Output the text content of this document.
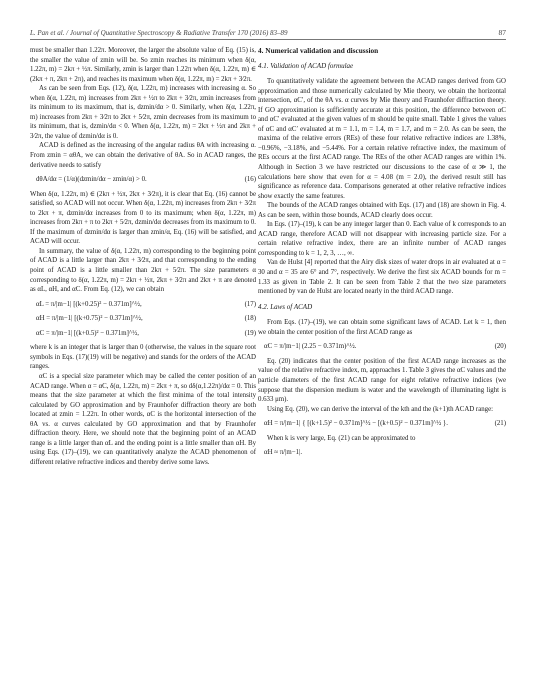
L. Pan et al. / Journal of Quantitative Spectroscopy & Radiative Transfer 170 (2016) 83–89	87

must be smaller than 1.22π. Moreover, the larger the absolute value of Eq. (15) is, the smaller the value of zmin will be. So zmin reaches its minimum when δ(α, 1.22π, m) = 2kπ + ½π. Similarly, zmin is larger than 1.22π when δ(α, 1.22π, m) ∈ (2kπ + π, 2kπ + 2π), and reaches its maximum when δ(α, 1.22π, m) = 2kπ + 3⁄2π.

As can be seen from Eqs. (12), δ(α, 1.22π, m) increases with increasing α. So when δ(α, 1.22π, m) increases from 2kπ + ½π to 2kπ + 3⁄2π, zmin increases from its minimum to its maximum, that is, dzmin/dα > 0. Similarly, when δ(α, 1.22π, m) increases from 2kπ + 3⁄2π to 2kπ + 5⁄2π, zmin decreases from its maximum to its minimum, that is, dzmin/dα < 0. When δ(α, 1.22π, m) = 2kπ + ½π and 2kπ + 3⁄2π, the value of dzmin/dα is 0.

ACAD is defined as the increasing of the angular radius θA with increasing α. From zmin = αθA, we can obtain the derivative of θA. So in ACAD ranges, the derivative needs to satisfy

dθA/dα = (1/α)(dzmin/dα − zmin/α) > 0.	(16)

When δ(α, 1.22π, m) ∈ (2kπ + ½π, 2kπ + 3⁄2π), it is clear that Eq. (16) cannot be satisfied, so ACAD will not occur. When δ(α, 1.22π, m) increases from 2kπ + 3⁄2π to 2kπ + π, dzmin/dα increases from 0 to its maximum; when δ(α, 1.22π, m) increases from 2kπ + π to 2kπ + 5⁄2π, dzmin/dα decreases from its maximum to 0. If the maximum of dzmin/dα is larger than zmin/α, Eq. (16) will be satisfied, and ACAD will occur.

In summary, the value of δ(α, 1.22π, m) corresponding to the beginning point of ACAD is a little larger than 2kπ + 3⁄2π, and that corresponding to the ending point of ACAD is a little smaller than 2kπ + 5⁄2π. The size parameters α corresponding to δ(α, 1.22π, m) = 2kπ + ½π, 2kπ + 3⁄2π and 2kπ + π are denoted as αL, αH, and αC. From Eq. (12), we can obtain

αL = π/|m−1| [(k+0.25)² − 0.371m]^½,	(17)
αH = π/|m−1| [(k+0.75)² − 0.371m]^½,	(18)
αC = π/|m−1| [(k+0.5)² − 0.371m]^½,	(19)

where k is an integer that is larger than 0 (otherwise, the values in the square root symbols in Eqs. (17)(19) will be negative) and stands for the orders of the ACAD ranges.

αC is a special size parameter which may be called the center position of an ACAD range. When α = αC, δ(α, 1.22π, m) = 2kπ + π, so dδ(α,1.22π)/dα = 0. This means that the size parameter at which the first minima of the total intensity calculated by GO approximation and by Fraunhofer diffraction theory are both located at zmin = 1.22π. In other words, αC is the horizontal intersection of the θA vs. α curves calculated by GO approximation and that by Fraunhofer diffraction theory. Here, we should note that the beginning point of an ACAD range is a little larger than αL and the ending point is a little smaller than αH. By using Eqs. (17)–(19), we can quantitatively analyze the ACAD phenomenon of different relative refractive indices and thereby derive some laws.

4. Numerical validation and discussion
4.1. Validation of ACAD formulae

To quantitatively validate the agreement between the ACAD ranges derived from GO approximation and those numerically calculated by Mie theory, we obtain the horizontal intersection, αC′, of the θA vs. α curves by Mie theory and Fraunhofer diffraction theory. If GO approximation is sufficiently accurate at this position, the difference between αC and αC′ evaluated at the given values of m should be quite small. Table 1 gives the values of αC and αC′ evaluated at m = 1.1, m = 1.4, m = 1.7, and m = 2.0. As can be seen, the maxima of the relative errors (REs) of these four relative refractive indices are 1.38%, −0.96%, −3.18%, and −5.44%. For a certain relative refractive index, the maximum of REs occurs at the first ACAD range. The REs of the other ACAD ranges are within 1%. Although in Section 3 we have restricted our discussions to the case of α ≫ 1, the calculations here show that even for α = 4.08 (m = 2.0), the derived result still has significance as reference data. Comparisons generated at other relative refractive indices show exactly the same features.

The bounds of the ACAD ranges obtained with Eqs. (17) and (18) are shown in Fig. 4. As can be seen, within those bounds, ACAD clearly does occur.

In Eqs. (17)–(19), k can be any integer larger than 0. Each value of k corresponds to an ACAD range, therefore ACAD will not disappear with increasing particle size. For a certain relative refractive index, there are an infinite number of ACAD ranges corresponding to k = 1, 2, 3, …, ∞.

Van de Hulst [4] reported that the Airy disk sizes of water drops in air evaluated at α = 30 and α = 35 are 6° and 7°, respectively. We derive the first six ACAD bounds for m = 1.33 as given in Table 2. It can be seen from Table 2 that the two size parameters mentioned by van de Hulst are located nearly in the third ACAD range.

4.2. Laws of ACAD

From Eqs. (17)–(19), we can obtain some significant laws of ACAD. Let k = 1, then we obtain the center position of the first ACAD range as

αC = π/|m−1| (2.25 − 0.371m)^½.	(20)

Eq. (20) indicates that the center position of the first ACAD range increases as the value of the relative refractive index, m, approaches 1. Table 3 gives the αC values and the particle diameters of the first ACAD range for eight relative refractive indices (we suppose that the dispersion medium is water and the wavelength of illuminating light is 0.633 μm).

Using Eq. (20), we can derive the interval of the kth and the (k+1)th ACAD range:

αH = π/|m−1| { [(k+1.5)² − 0.371m]^½ − [(k+0.5)² − 0.371m]^½ }.	(21)

When k is very large, Eq. (21) can be approximated to

αH ≈ π/|m−1|.
